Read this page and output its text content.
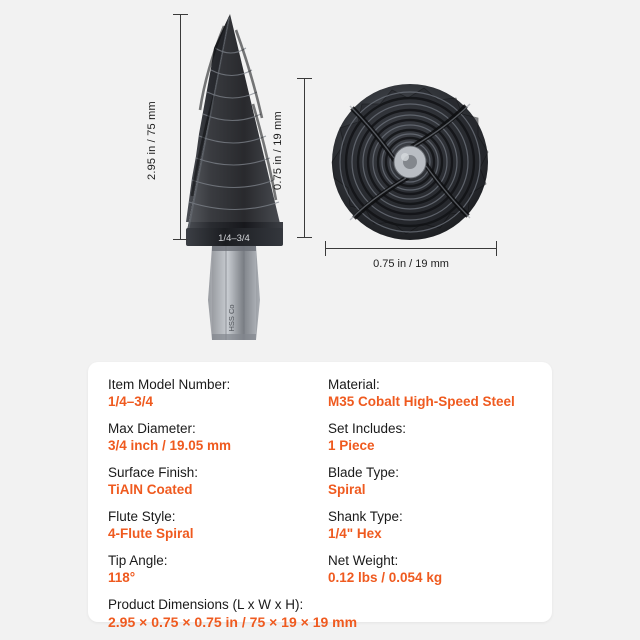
1/4–3/4
HSS Co
2.95 in / 75 mm	0.75 in / 19 mm
0.75 in / 19 mm
Item Model Number:
1/4–3/4
Max Diameter:
3/4 inch / 19.05 mm
Surface Finish:
TiAlN Coated
Flute Style:
4-Flute Spiral
Tip Angle:
118°
Material:
M35 Cobalt High-Speed Steel
Set Includes:
1 Piece
Blade Type:
Spiral
Shank Type:
1/4" Hex
Net Weight:
0.12 lbs / 0.054 kg
Product Dimensions (L x W x H):
2.95 × 0.75 × 0.75 in / 75 × 19 × 19 mm
